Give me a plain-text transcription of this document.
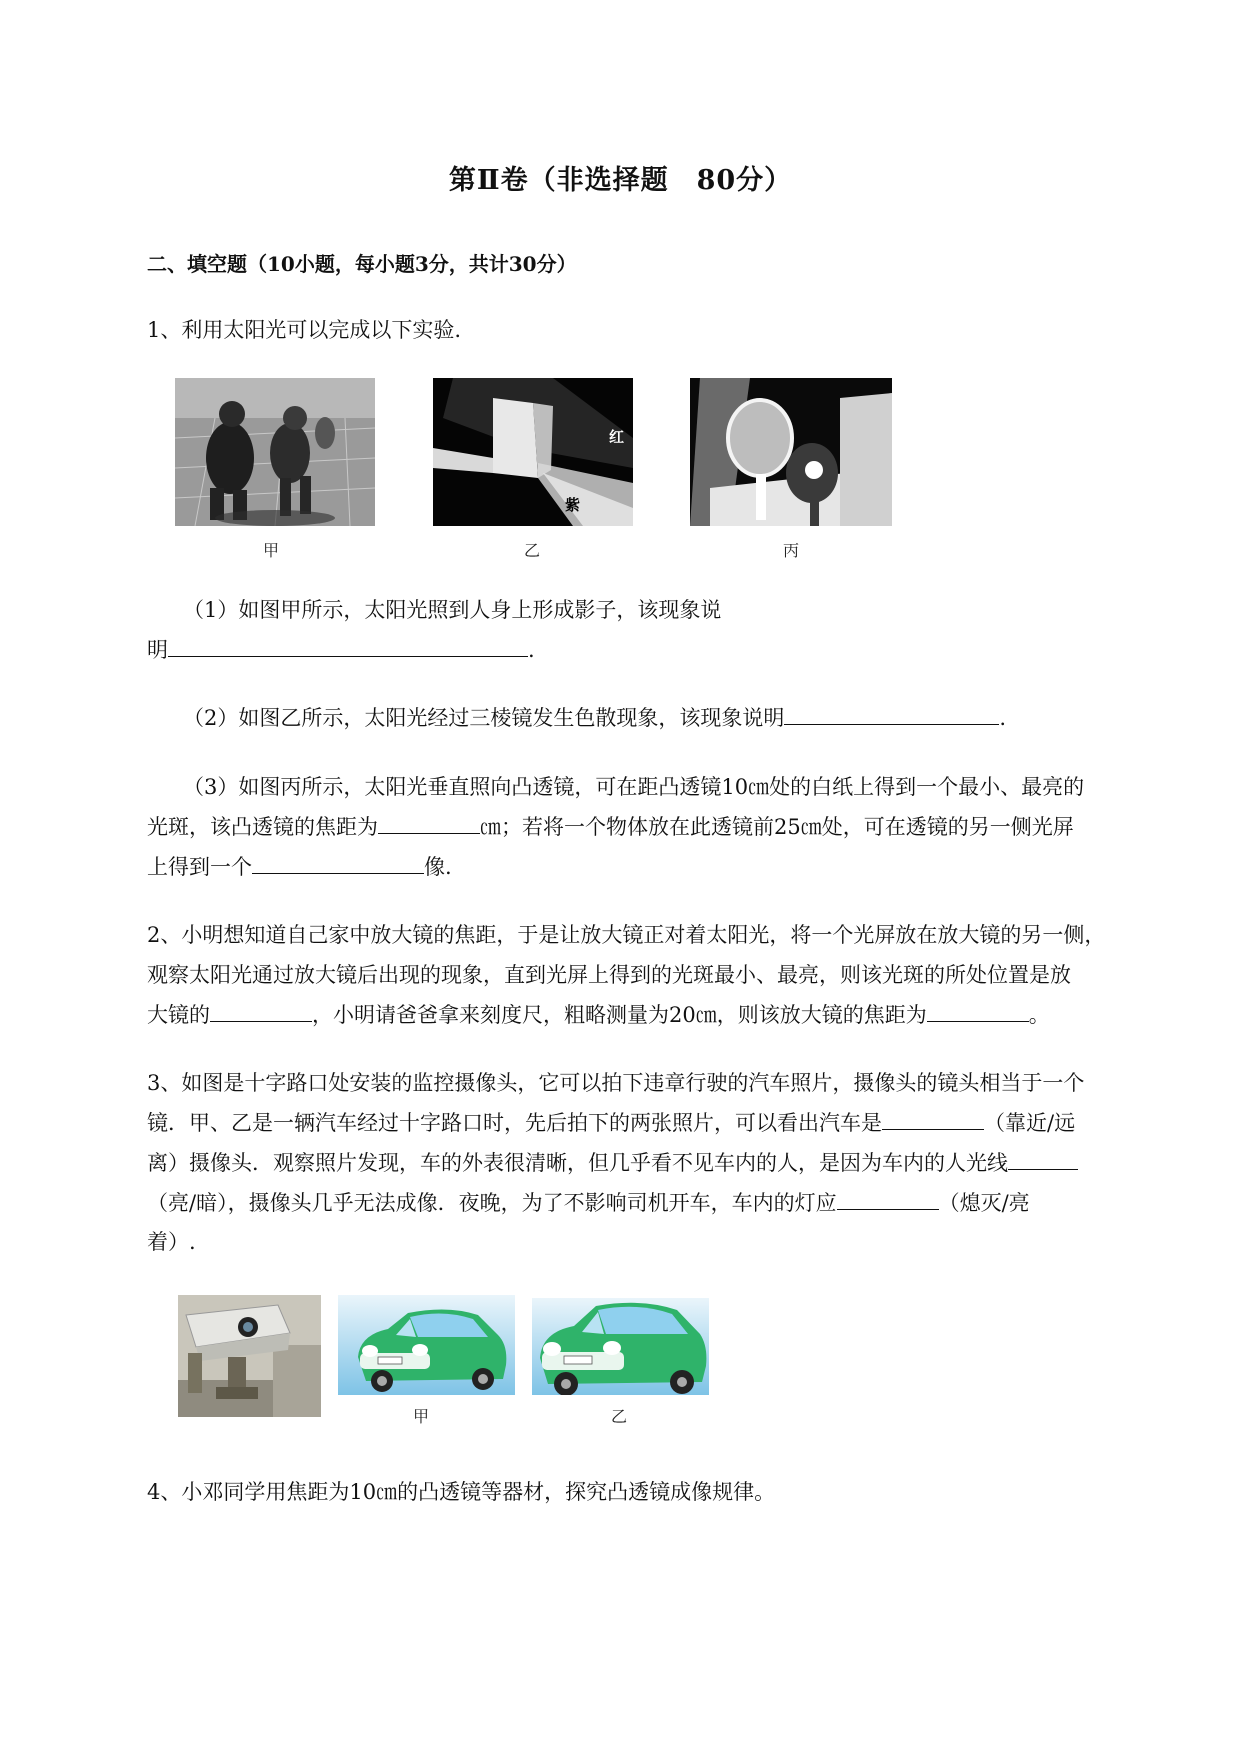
第Ⅱ卷（非选择题　80分）
二、填空题（10小题，每小题3分，共计30分）
1、利用太阳光可以完成以下实验.
甲
红
紫
乙	丙
（1）如图甲所示，太阳光照到人身上形成影子，该现象说
明	.
（2）如图乙所示，太阳光经过三棱镜发生色散现象，该现象说明	.
（3）如图丙所示，太阳光垂直照向凸透镜，可在距凸透镜10㎝处的白纸上得到一个最小、最亮的
光斑，该凸透镜的焦距为	㎝；若将一个物体放在此透镜前25㎝处，可在透镜的另一侧光屏
上得到一个	像.
2、小明想知道自己家中放大镜的焦距，于是让放大镜正对着太阳光，将一个光屏放在放大镜的另一侧，
观察太阳光通过放大镜后出现的现象，直到光屏上得到的光斑最小、最亮，则该光斑的所处位置是放
大镜的	，小明请爸爸拿来刻度尺，粗略测量为20㎝，则该放大镜的焦距为	。
3、如图是十字路口处安装的监控摄像头，它可以拍下违章行驶的汽车照片，摄像头的镜头相当于一个
镜．甲、乙是一辆汽车经过十字路口时，先后拍下的两张照片，可以看出汽车是	（靠近/远
离）摄像头．观察照片发现，车的外表很清晰，但几乎看不见车内的人，是因为车内的人光线
（亮/暗），摄像头几乎无法成像．夜晚，为了不影响司机开车，车内的灯应	（熄灭/亮
着）.
甲	乙
4、小邓同学用焦距为10㎝的凸透镜等器材，探究凸透镜成像规律。
